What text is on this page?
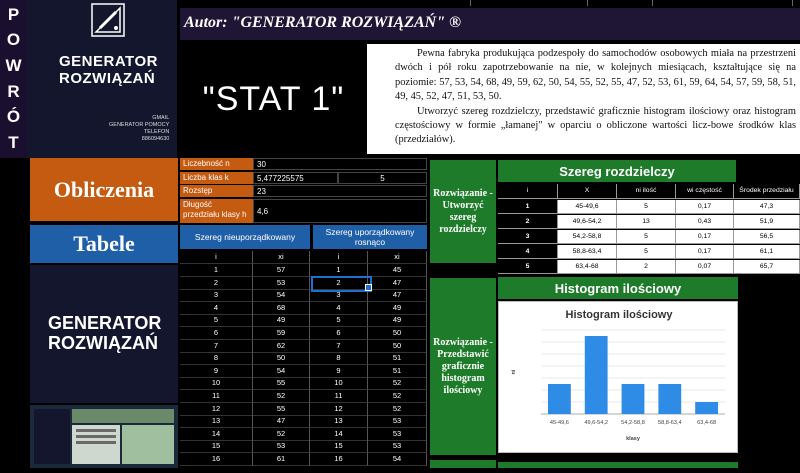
P
O
W
R
Ó
T
GENERATOR
ROZWIĄZAŃ
GMAIL
GENERATOR POMOCY
TELEFON
886094630
Autor: "GENERATOR ROZWIĄZAŃ" ®
"STAT 1"

Pewna fabryka produkująca podzespoły do samochodów osobowych miała na przestrzeni dwóch i pół roku zapotrzebowanie na nie, w kolejnych miesiącach, kształtujące się na poziomie: 57, 53, 54, 68, 49, 59, 62, 50, 54, 55, 52, 55, 47, 52, 53, 61, 59, 64, 54, 57, 59, 58, 51, 49, 45, 52, 47, 51, 53, 50.

Utworzyć szereg rozdzielczy, przedstawić graficznie histogram ilościowy oraz histogram częstościowy w formie „łamanej" w oparciu o obliczone wartości licz-bowe środków klas (przedziałów).

Obliczenia
Tabele
GENERATOR
ROZWIĄZAŃ
Liczebność n	30
Liczba klas k	5,477225575	5
Rozstęp	23
Długość przedziału klasy h	4,6
Szereg nieuporządkowany	Szereg uporządkowany rosnąco
i	xi	i	xi
1	57	1	45
2	53	2	47
3	54	3	47
4	68	4	49
5	49	5	49
6	59	6	50
7	62	7	50
8	50	8	51
9	54	9	51
10	55	10	52
11	52	11	52
12	55	12	52
13	47	13	53
14	52	14	53
15	53	15	53
16	61	16	54
Rozwiązanie - Utworzyć szereg rozdzielczy
Szereg rozdzielczy
i	X	ni ilość	wi częstość	Środek przedziału
1	45-49,6	5	0,17	47,3
2	49,6-54,2	13	0,43	51,9
3	54,2-58,8	5	0,17	56,5
4	58,8-63,4	5	0,17	61,1
5	63,4-68	2	0,07	65,7
Rozwiązanie - Przedstawić graficznie histogram ilościowy
Histogram ilościowy
Histogram ilościowy
45-49,6	49,6-54,2 54,2-58,8 58,8-63,4	63,4-68
klasy
ni
